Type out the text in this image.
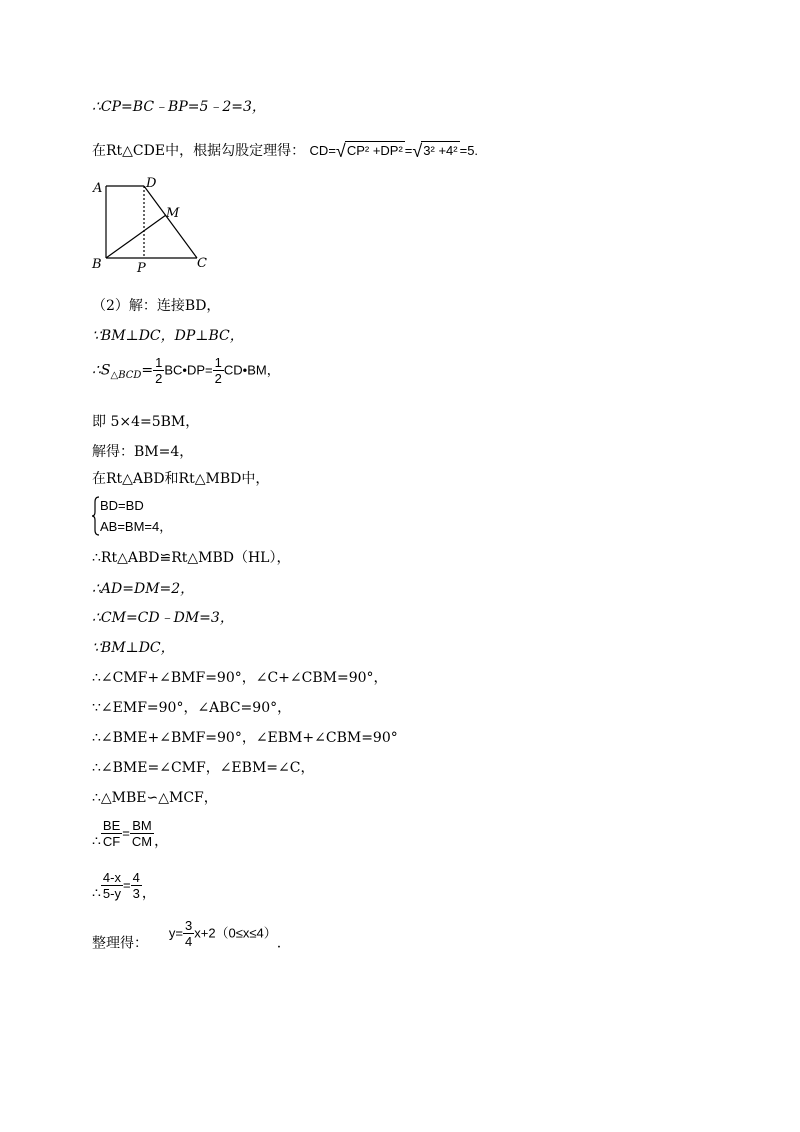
∴CP=BC﹣BP=5﹣2=3，
在Rt△CDE中，根据勾股定理得： CD=√CP² +DP² =√3² +4² =5.
A
B	C
D
M
P
（2）解：连接BD，
∵BM⊥DC，DP⊥BC，
$\therefore S_{\triangle BCD}= \frac{1}{2}$ BC•DP= $\frac{1}{2}$ CD•BM，
即 5×4=5BM，
解得：BM=4，
在Rt△ABD和Rt△MBD中，
BD=BD
AB=BM=4，
∴Rt△ABD≌Rt△MBD（HL），
∴AD=DM=2，
∴CM=CD﹣DM=3，
∵BM⊥DC，
∴∠CMF+∠BMF=90°，∠C+∠CBM=90°，
∵∠EMF=90°，∠ABC=90°，
∴∠BME+∠BMF=90°，∠EBM+∠CBM=90°
∴∠BME=∠CMF，∠EBM=∠C，
∴△MBE∽△MCF，
∴ $\frac{BE}{CF} = \frac{BM}{CM}$ ，
∴ $\frac{4-x}{5-y} = \frac{4}{3}$ ，
整理得：  $y= \frac{3}{4} x+2(0\le x\le 4)$.
